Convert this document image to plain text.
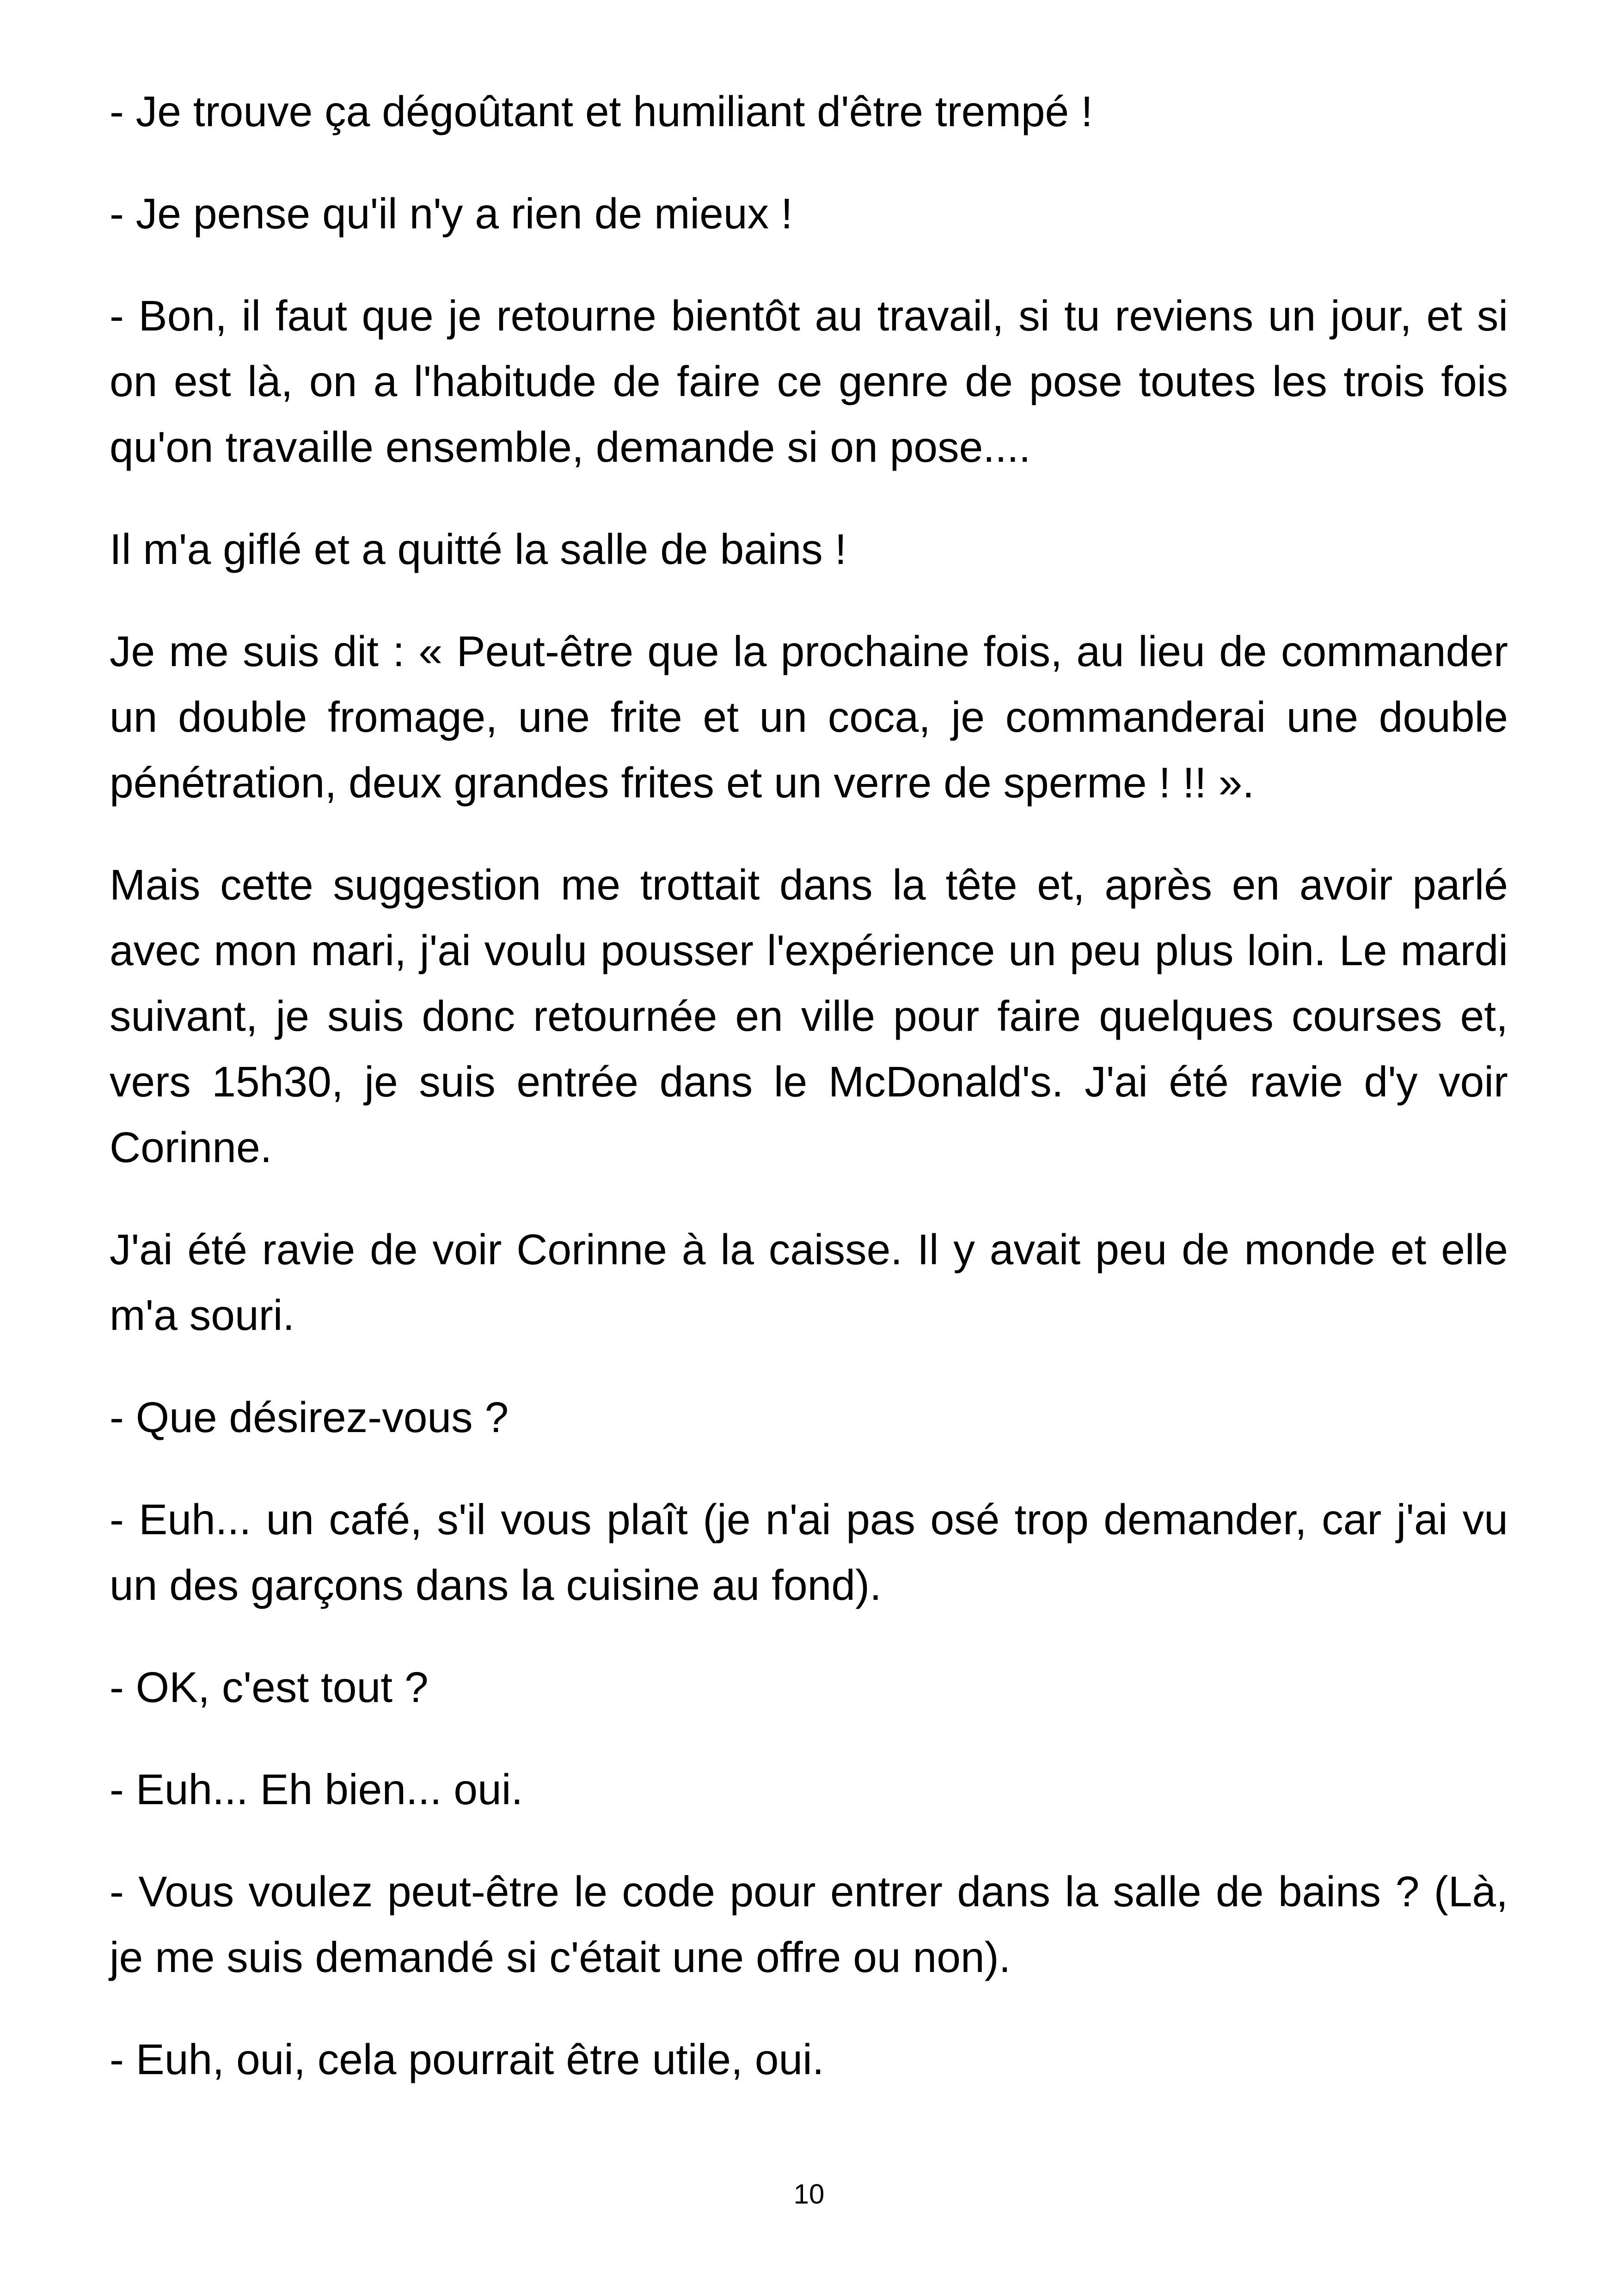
- Je trouve ça dégoûtant et humiliant d'être trempé !

- Je pense qu'il n'y a rien de mieux !

- Bon, il faut que je retourne bientôt au travail, si tu reviens un jour, et si on est là, on a l'habitude de faire ce genre de pose toutes les trois fois qu'on travaille ensemble, demande si on pose....

Il m'a giflé et a quitté la salle de bains !

Je me suis dit : « Peut-être que la prochaine fois, au lieu de commander un double fromage, une frite et un coca, je commanderai une double pénétration, deux grandes frites et un verre de sperme ! !! ».

Mais cette suggestion me trottait dans la tête et, après en avoir parlé avec mon mari, j'ai voulu pousser l'expérience un peu plus loin. Le mardi suivant, je suis donc retournée en ville pour faire quelques courses et, vers 15h30, je suis entrée dans le McDonald's. J'ai été ravie d'y voir Corinne.

J'ai été ravie de voir Corinne à la caisse. Il y avait peu de monde et elle m'a souri.

- Que désirez-vous ?

- Euh... un café, s'il vous plaît (je n'ai pas osé trop demander, car j'ai vu un des garçons dans la cuisine au fond).

- OK, c'est tout ?

- Euh... Eh bien... oui.

- Vous voulez peut-être le code pour entrer dans la salle de bains ? (Là, je me suis demandé si c'était une offre ou non).

- Euh, oui, cela pourrait être utile, oui.

10
